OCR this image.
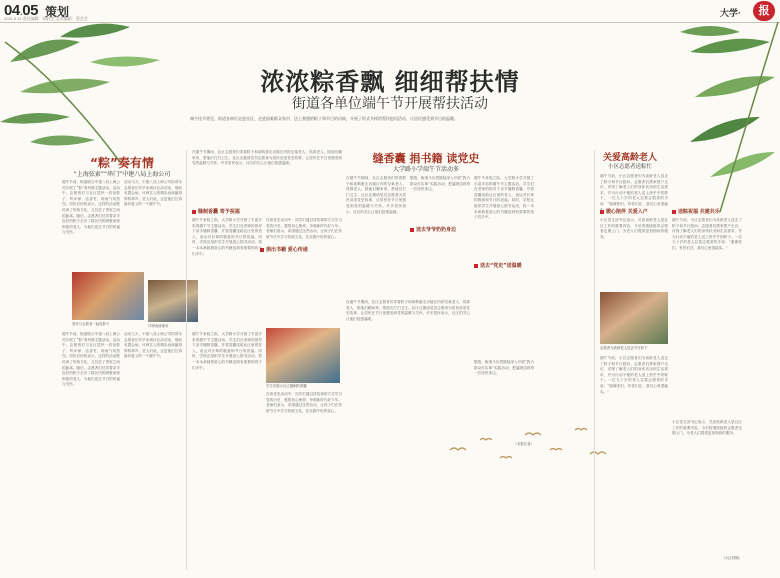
04.05 策划
2021.6.11 责任编辑：胡轩艺 美术编辑：蔡芸芸
大学·	报
浓浓粽香飘 细细帮扶情
街道各单位端午节开展帮扶活动
端午佳节将至，街道各单位走进社区，走进困难群众家中，送上香甜的粽子和节日的问候，开展了形式多样的帮扶慰问活动，让居民感受到节日的温暖。
“粽”奏有情
“上海弦索”“串门”中建八局上海公司
端午节前，街道联合中建八局上海公司开展了“粽”奏有情主题活动。活动中，志愿者们与社区居民一同包粽子、听评弹、品香茗，现场气氛热烈。居民们纷纷表示，这样的活动既传承了传统文化，又拉近了邻里之间的距离。随后，志愿者们还带着亲手包好的粽子走访了辖区内的困难家庭和独居老人，为他们送去节日的祝福与关怀。
活动当天，中建八局上海公司的青年志愿者们早早来到社区活动室，帮助布置会场。评弹艺人的精彩表演赢得阵阵掌声。老人们说，这是他们过得最有意义的一个端午节。
居民与志愿者一起包粽子	评弹表演现场
端午节前，街道联合中建八局上海公司开展了“粽”奏有情主题活动。活动中，志愿者们与社区居民一同包粽子、听评弹、品香茗，现场气氛热烈。居民们纷纷表示，这样的活动既传承了传统文化，又拉近了邻里之间的距离。随后，志愿者们还带着亲手包好的粽子走访了辖区内的困难家庭和独居老人，为他们送去节日的祝福与关怀。
活动当天，中建八局上海公司的青年志愿者们早早来到社区活动室，帮助布置会场。评弹艺人的精彩表演赢得阵阵掌声。老人们说，这是他们过得最有意义的一个端午节。
在端午节期间，社区志愿者们带着粽子和咸鸭蛋走访辖区内的空巢老人、孤寡老人，陪他们聊家常，帮他们打扫卫生。社区还邀请党员志愿者为居民讲述党史故事，让居民在节日里感受到党的温暖与关怀。许多居民表示，社区的关心让他们倍感温暖。
缝制香囊 寄予祝福
端午节来临之际，大学路小学开展了丰富多彩的端午节主题活动。学生们在老师的指导下亲手缝制香囊，并将香囊送给社区里的老人，表达对长辈的敬意和节日的祝福。同时，学校还组织学生开展爱心捐书活动，将一本本承载着爱心的书籍送到有需要的孩子们手中。
在读党史活动中，同学们通过讲故事的方式学习党的历史，感悟初心使命，争做新时代好少年。老师们表示，希望通过这些活动，让孩子们在传统节日中学习传统文化，在实践中培养爱心。
捐出书籍 爱心传递
学生们展示自己缝制的香囊
端午节来临之际，大学路小学开展了丰富多彩的端午节主题活动。学生们在老师的指导下亲手缝制香囊，并将香囊送给社区里的老人，表达对长辈的敬意和节日的祝福。同时，学校还组织学生开展爱心捐书活动，将一本本承载着爱心的书籍送到有需要的孩子们手中。
在读党史活动中，同学们通过讲故事的方式学习党的历史，感悟初心使命，争做新时代好少年。老师们表示，希望通过这些活动，让孩子们在传统节日中学习传统文化，在实践中培养爱心。
缝香囊 捐书籍 读党史
大学路小学端午节活动多
在端午节期间，社区志愿者们带着粽子和咸鸭蛋走访辖区内的空巢老人、孤寡老人，陪他们聊家常，帮他们打扫卫生。社区还邀请党员志愿者为居民讲述党史故事，让居民在节日里感受到党的温暖与关怀。许多居民表示，社区的关心让他们倍感温暖。
据悉，街道今后将继续深入开展“我为群众办实事”实践活动，把温暖送到每一位居民身边。
送去爷爷奶奶身边
端午节来临之际，大学路小学开展了丰富多彩的端午节主题活动。学生们在老师的指导下亲手缝制香囊，并将香囊送给社区里的老人，表达对长辈的敬意和节日的祝福。同时，学校还组织学生开展爱心捐书活动，将一本本承载着爱心的书籍送到有需要的孩子们手中。
送去“党史”送温暖
在端午节期间，社区志愿者们带着粽子和咸鸭蛋走访辖区内的空巢老人、孤寡老人，陪他们聊家常，帮他们打扫卫生。社区还邀请党员志愿者为居民讲述党史故事，让居民在节日里感受到党的温暖与关怀。许多居民表示，社区的关心让他们倍感温暖。
据悉，街道今后将继续深入开展“我为群众办实事”实践活动，把温暖送到每一位居民身边。
（本报记者）
关爱高龄老人
小区志愿者送粽忙
端午节前，小区志愿者们为高龄老人送去了粽子和节日慰问。志愿者们挨家挨户走访，详细了解老人们的身体状况和生活需求，并为行动不便的老人送上热乎乎的粽子。一位九十岁的老人拉着志愿者的手说：“谢谢你们，有你们在，我们心里很踏实。”
暖心陪伴 关爱入户
小区党支部书记表示，关爱高龄老人是社区工作的重要内容，今后将继续组织志愿者定期上门，为老人们提供更加细致的服务。
志愿者为高龄老人送去节日粽子
端午节前，小区志愿者们为高龄老人送去了粽子和节日慰问。志愿者们挨家挨户走访，详细了解老人们的身体状况和生活需求，并为行动不便的老人送上热乎乎的粽子。一位九十岁的老人拉着志愿者的手说：“谢谢你们，有你们在，我们心里很踏实。”
送粽祝福 共建共乐
端午节前，小区志愿者们为高龄老人送去了粽子和节日慰问。志愿者们挨家挨户走访，详细了解老人们的身体状况和生活需求，并为行动不便的老人送上热乎乎的粽子。一位九十岁的老人拉着志愿者的手说：“谢谢你们，有你们在，我们心里很踏实。”
小区党支部书记表示，关爱高龄老人是社区工作的重要内容，今后将继续组织志愿者定期上门，为老人们提供更加细致的服务。
（小区供稿）
